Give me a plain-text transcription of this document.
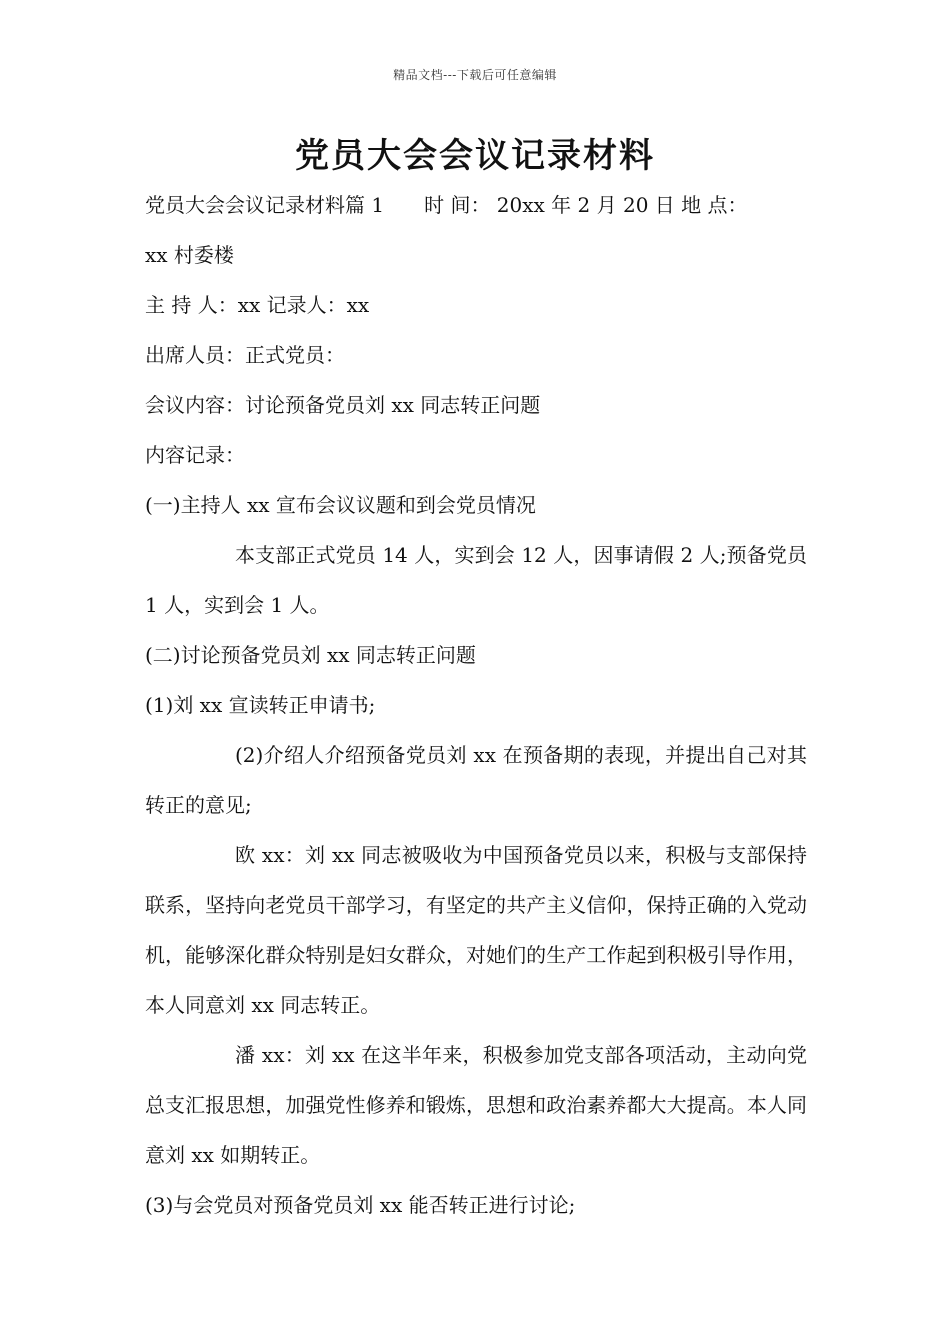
精品文档---下载后可任意编辑
党员大会会议记录材料

党员大会会议记录材料篇 1 时 间： 20xx 年 2 月 20 日 地 点：

xx 村委楼

主 持 人：xx 记录人：xx

出席人员：正式党员：

会议内容：讨论预备党员刘 xx 同志转正问题

内容记录：

(一)主持人 xx 宣布会议议题和到会党员情况

本支部正式党员 14 人，实到会 12 人，因事请假 2 人;预备党员 1 人，实到会 1 人。

(二)讨论预备党员刘 xx 同志转正问题

(1)刘 xx 宣读转正申请书;

(2)介绍人介绍预备党员刘 xx 在预备期的表现，并提出自己对其转正的意见;

欧 xx：刘 xx 同志被吸收为中国预备党员以来，积极与支部保持联系，坚持向老党员干部学习，有坚定的共产主义信仰，保持正确的入党动机，能够深化群众特别是妇女群众，对她们的生产工作起到积极引导作用，本人同意刘 xx 同志转正。

潘 xx：刘 xx 在这半年来，积极参加党支部各项活动，主动向党总支汇报思想，加强党性修养和锻炼，思想和政治素养都大大提高。本人同意刘 xx 如期转正。

(3)与会党员对预备党员刘 xx 能否转正进行讨论;
